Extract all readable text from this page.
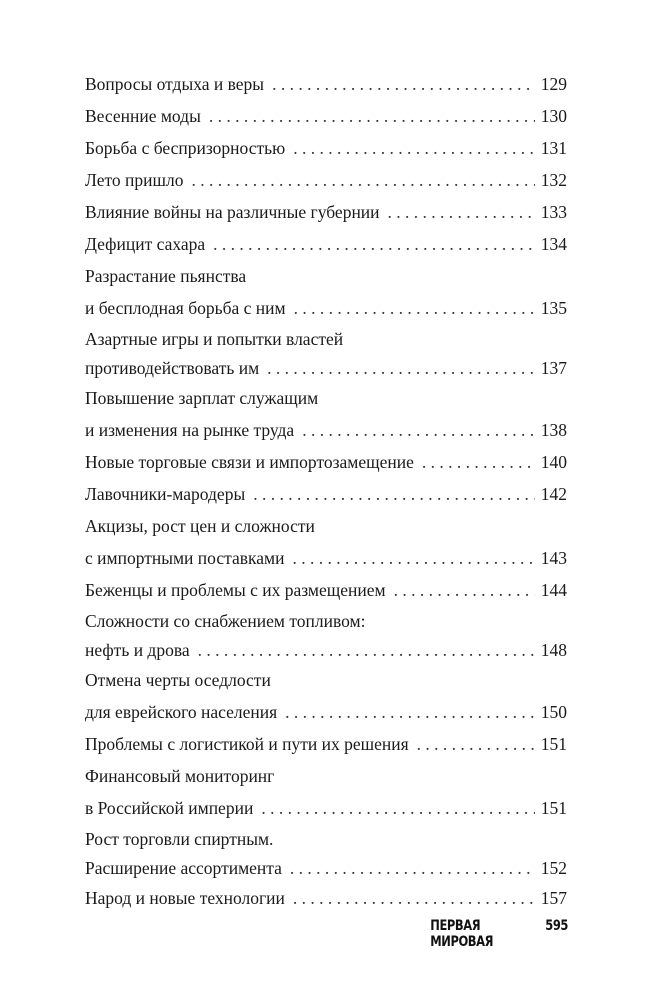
Вопросы отдыха и веры . . .	129
Весенние моды . . .	130
Борьба с беспризорностью . . .	131
Лето пришло . . .	132
Влияние войны на различные губернии . . .	133
Дефицит сахара . . .	134
Разрастание пьянства
и бесплодная борьба с ним . . .	135
Азартные игры и попытки властей
противодействовать им . . .	137
Повышение зарплат служащим
и изменения на рынке труда . . .	138
Новые торговые связи и импортозамещение . . .	140
Лавочники-мародеры . . .	142
Акцизы, рост цен и сложности
с импортными поставками . . .	143
Беженцы и проблемы с их размещением . . .	144
Сложности со снабжением топливом:
нефть и дрова . . .	148
Отмена черты оседлости
для еврейского населения . . .	150
Проблемы с логистикой и пути их решения . . .	151
Финансовый мониторинг
в Российской империи . . .	151
Рост торговли спиртным.
Расширение ассортимента . . .	152
Народ и новые технологии . . .	157
ПЕРВАЯ МИРОВАЯ
595
